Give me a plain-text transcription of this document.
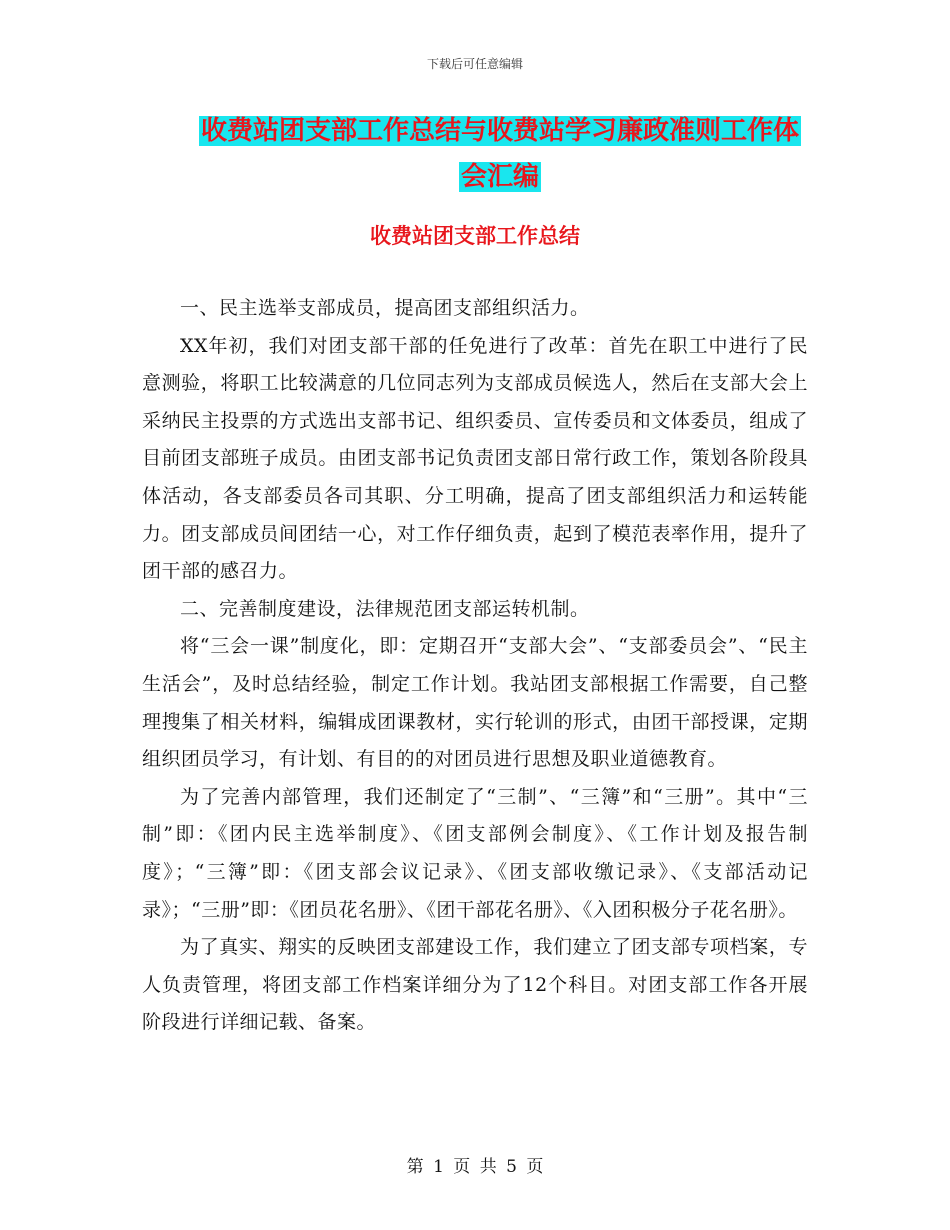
下载后可任意编辑
收费站团支部工作总结与收费站学习廉政准则工作体
会汇编
收费站团支部工作总结

一、民主选举支部成员，提高团支部组织活力。

XX年初，我们对团支部干部的任免进行了改革：首先在职工中进行了民意测验，将职工比较满意的几位同志列为支部成员候选人，然后在支部大会上采纳民主投票的方式选出支部书记、组织委员、宣传委员和文体委员，组成了目前团支部班子成员。由团支部书记负责团支部日常行政工作，策划各阶段具体活动，各支部委员各司其职、分工明确，提高了团支部组织活力和运转能力。团支部成员间团结一心，对工作仔细负责，起到了模范表率作用，提升了团干部的感召力。

二、完善制度建设，法律规范团支部运转机制。

将“三会一课”制度化，即：定期召开“支部大会”、“支部委员会”、“民主生活会”，及时总结经验，制定工作计划。我站团支部根据工作需要，自己整理搜集了相关材料，编辑成团课教材，实行轮训的形式，由团干部授课，定期组织团员学习，有计划、有目的的对团员进行思想及职业道德教育。

为了完善内部管理，我们还制定了“三制”、“三簿”和“三册”。其中“三制”即：《团内民主选举制度》、《团支部例会制度》、《工作计划及报告制度》；“三簿”即：《团支部会议记录》、《团支部收缴记录》、《支部活动记录》；“三册”即：《团员花名册》、《团干部花名册》、《入团积极分子花名册》。

为了真实、翔实的反映团支部建设工作，我们建立了团支部专项档案，专人负责管理，将团支部工作档案详细分为了12个科目。对团支部工作各开展阶段进行详细记载、备案。

第 1 页 共 5 页
